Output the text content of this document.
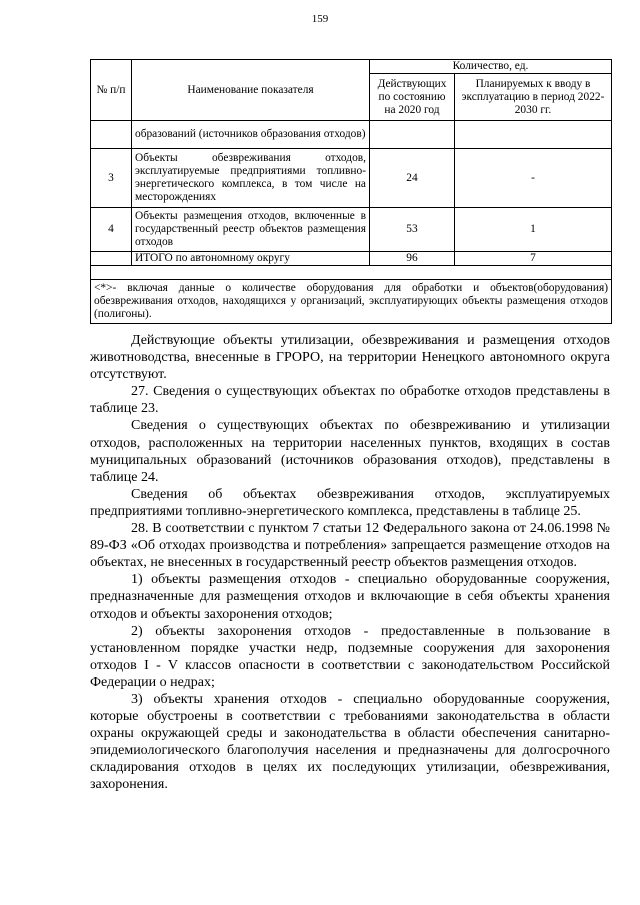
159
№ п/п	Наименование показателя	Количество, ед.	
		Действующих по состоянию на 2020 год	Планируемых к вводу в эксплуатацию в период 2022-2030 гг.
	образований (источников образования отходов)		
3	Объекты обезвреживания отходов, эксплуатируемые предприятиями топливно-энергетического комплекса, в том числе на месторождениях	24	-
4	Объекты размещения отходов, включенные в государственный реестр объектов размещения отходов	53	1
	ИТОГО по автономному округу	96	7

<*>- включая данные о количестве оборудования для обработки и объектов(оборудования) обезвреживания отходов, находящихся у организаций, эксплуатирующих объекты размещения отходов (полигоны).			

Действующие объекты утилизации, обезвреживания и размещения отходов животноводства, внесенные в ГРОРО, на территории Ненецкого автономного округа отсутствуют.

27. Сведения о существующих объектах по обработке отходов представлены в таблице 23.

Сведения о существующих объектах по обезвреживанию и утилизации отходов, расположенных на территории населенных пунктов, входящих в состав муниципальных образований (источников образования отходов), представлены в таблице 24.

Сведения об объектах обезвреживания отходов, эксплуатируемых предприятиями топливно-энергетического комплекса, представлены в таблице 25.

28. В соответствии с пунктом 7 статьи 12 Федерального закона от 24.06.1998 № 89-ФЗ «Об отходах производства и потребления» запрещается размещение отходов на объектах, не внесенных в государственный реестр объектов размещения отходов.

1) объекты размещения отходов - специально оборудованные сооружения, предназначенные для размещения отходов и включающие в себя объекты хранения отходов и объекты захоронения отходов;

2) объекты захоронения отходов - предоставленные в пользование в установленном порядке участки недр, подземные сооружения для захоронения отходов I - V классов опасности в соответствии с законодательством Российской Федерации о недрах;

3) объекты хранения отходов - специально оборудованные сооружения, которые обустроены в соответствии с требованиями законодательства в области охраны окружающей среды и законодательства в области обеспечения санитарно-эпидемиологического благополучия населения и предназначены для долгосрочного складирования отходов в целях их последующих утилизации, обезвреживания, захоронения.
